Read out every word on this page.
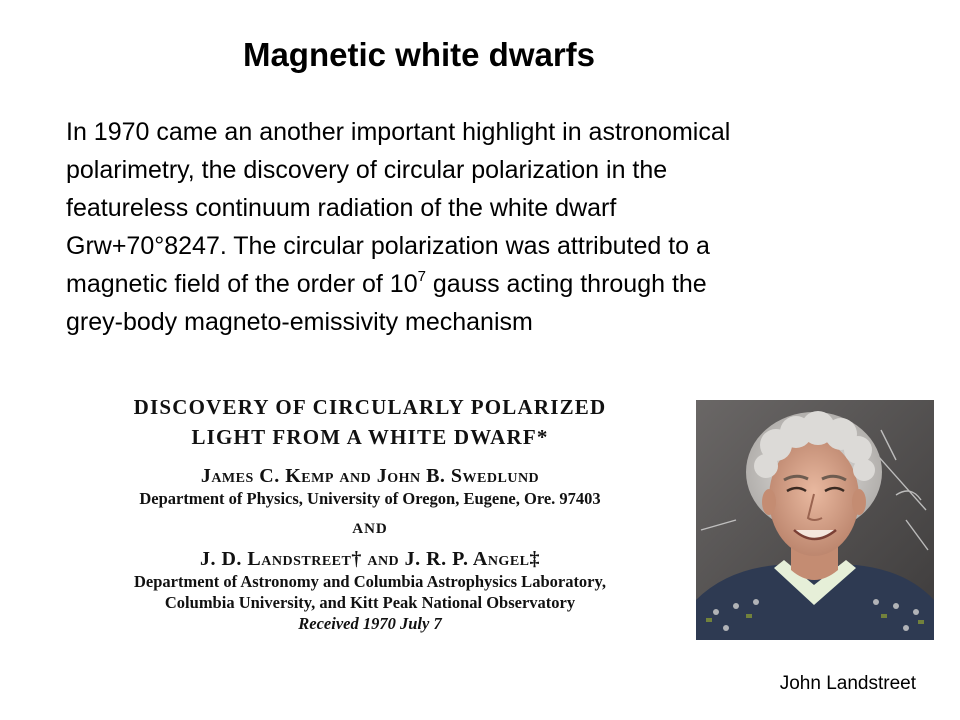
Magnetic white dwarfs
In 1970 came an another important highlight in astronomical
polarimetry, the discovery of circular polarization in the
featureless continuum radiation of the white dwarf
Grw+70°8247. The circular polarization was attributed to a
magnetic field of the order of $10^7$ gauss acting through the
grey-body magneto-emissivity mechanism
DISCOVERY OF CIRCULARLY POLARIZED
LIGHT FROM A WHITE DWARF*
James C. Kemp and John B. Swedlund
Department of Physics, University of Oregon, Eugene, Ore. 97403
AND
J. D. Landstreet† and J. R. P. Angel‡
Department of Astronomy and Columbia Astrophysics Laboratory,
Columbia University, and Kitt Peak National Observatory
Received 1970 July 7
John Landstreet
